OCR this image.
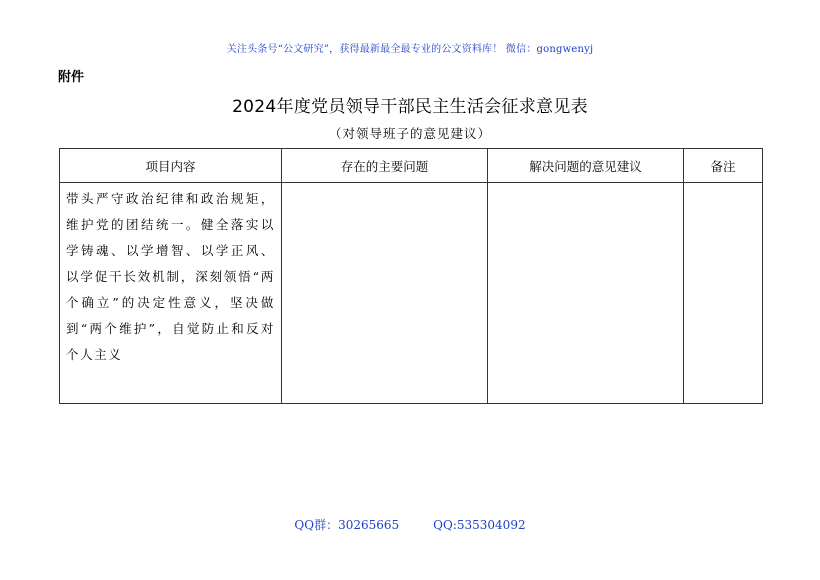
关注头条号“公文研究”，获得最新最全最专业的公文资料库！ 微信：gongwenyj
附件
2024年度党员领导干部民主生活会征求意见表
（对领导班子的意见建议）
项目内容	存在的主要问题	解决问题的意见建议	备注

带头严守政治纪律和政治规矩，维护党的团结统一。健全落实以学铸魂、以学增智、以学正风、以学促干长效机制，深刻领悟“两个确立”的决定性意义，坚决做到“两个维护”，自觉防止和反对个人主义			

QQ群：30265665	QQ:535304092
